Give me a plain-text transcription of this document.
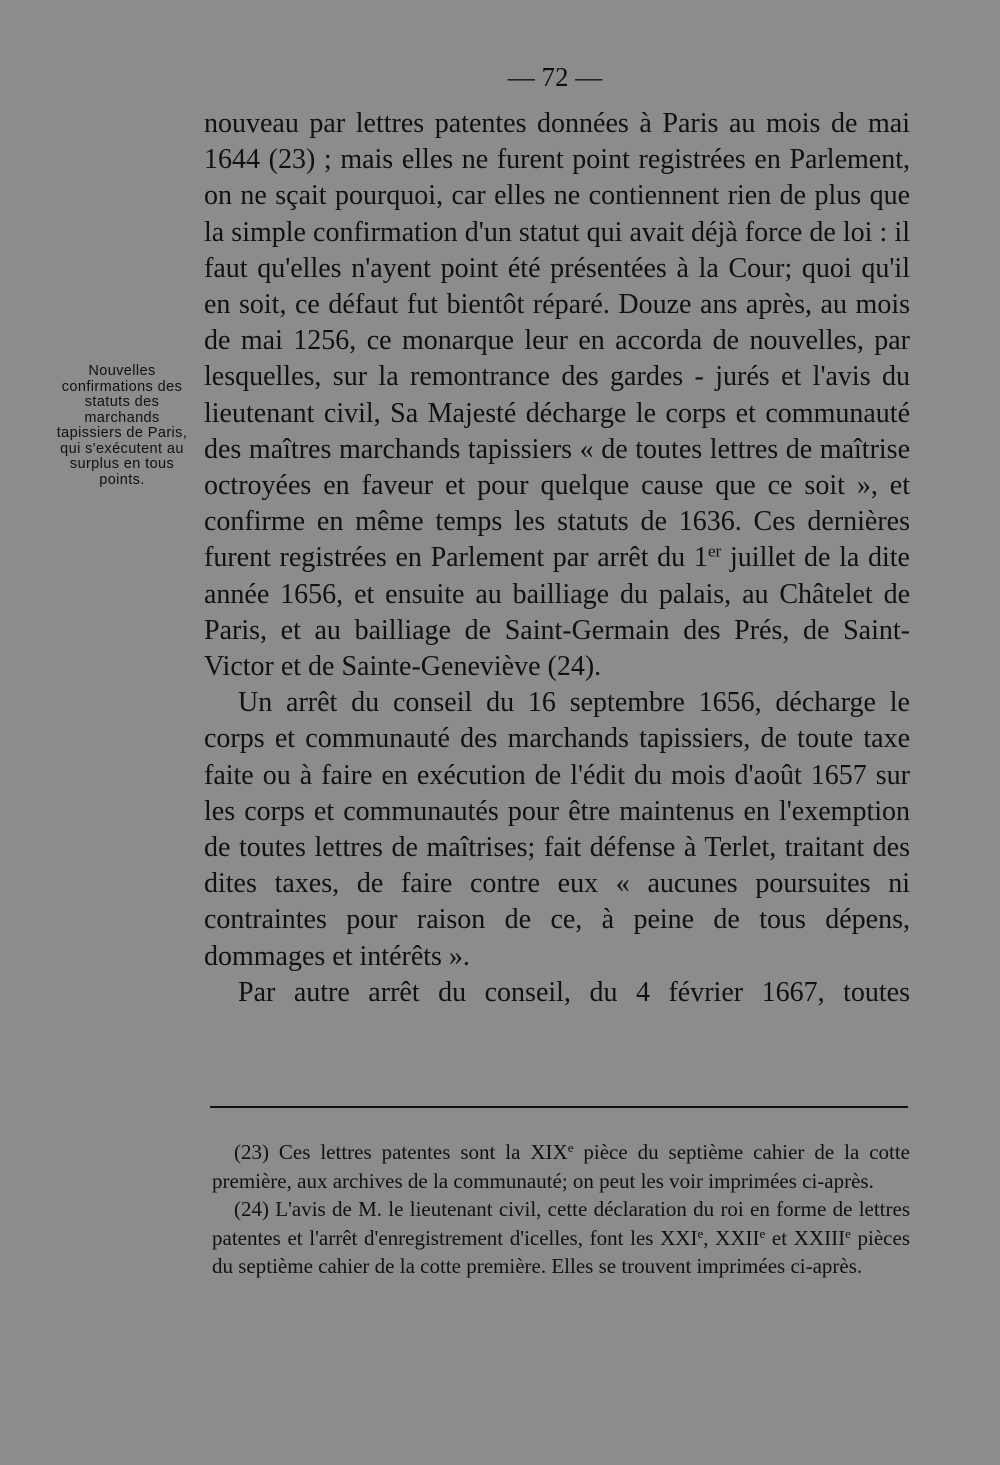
— 72 —
Nouvelles confirmations des statuts des marchands tapissiers de Paris, qui s'exécutent au surplus en tous points.

nouveau par lettres patentes données à Paris au mois de mai 1644 (23) ; mais elles ne furent point registrées en Parlement, on ne sçait pourquoi, car elles ne contiennent rien de plus que la simple confirmation d'un statut qui avait déjà force de loi : il faut qu'elles n'ayent point été présentées à la Cour; quoi qu'il en soit, ce défaut fut bientôt réparé. Douze ans après, au mois de mai 1256, ce monarque leur en accorda de nouvelles, par lesquelles, sur la remontrance des gardes - jurés et l'avis du lieutenant civil, Sa Majesté décharge le corps et communauté des maîtres marchands tapissiers « de toutes lettres de maîtrise octroyées en faveur et pour quelque cause que ce soit », et confirme en même temps les statuts de 1636. Ces dernières furent registrées en Parlement par arrêt du 1er juillet de la dite année 1656, et ensuite au bailliage du palais, au Châtelet de Paris, et au bailliage de Saint-Germain des Prés, de Saint-Victor et de Sainte-Geneviève (24).

Un arrêt du conseil du 16 septembre 1656, décharge le corps et communauté des marchands tapissiers, de toute taxe faite ou à faire en exécution de l'édit du mois d'août 1657 sur les corps et communautés pour être maintenus en l'exemption de toutes lettres de maîtrises; fait défense à Terlet, traitant des dites taxes, de faire contre eux « aucunes poursuites ni contraintes pour raison de ce, à peine de tous dépens, dommages et intérêts ».

Par autre arrêt du conseil, du 4 février 1667, toutes

(23) Ces lettres patentes sont la XIXe pièce du septième cahier de la cotte première, aux archives de la communauté; on peut les voir imprimées ci-après.

(24) L'avis de M. le lieutenant civil, cette déclaration du roi en forme de lettres patentes et l'arrêt d'enregistrement d'icelles, font les XXIe, XXIIe et XXIIIe pièces du septième cahier de la cotte première. Elles se trouvent imprimées ci-après.
